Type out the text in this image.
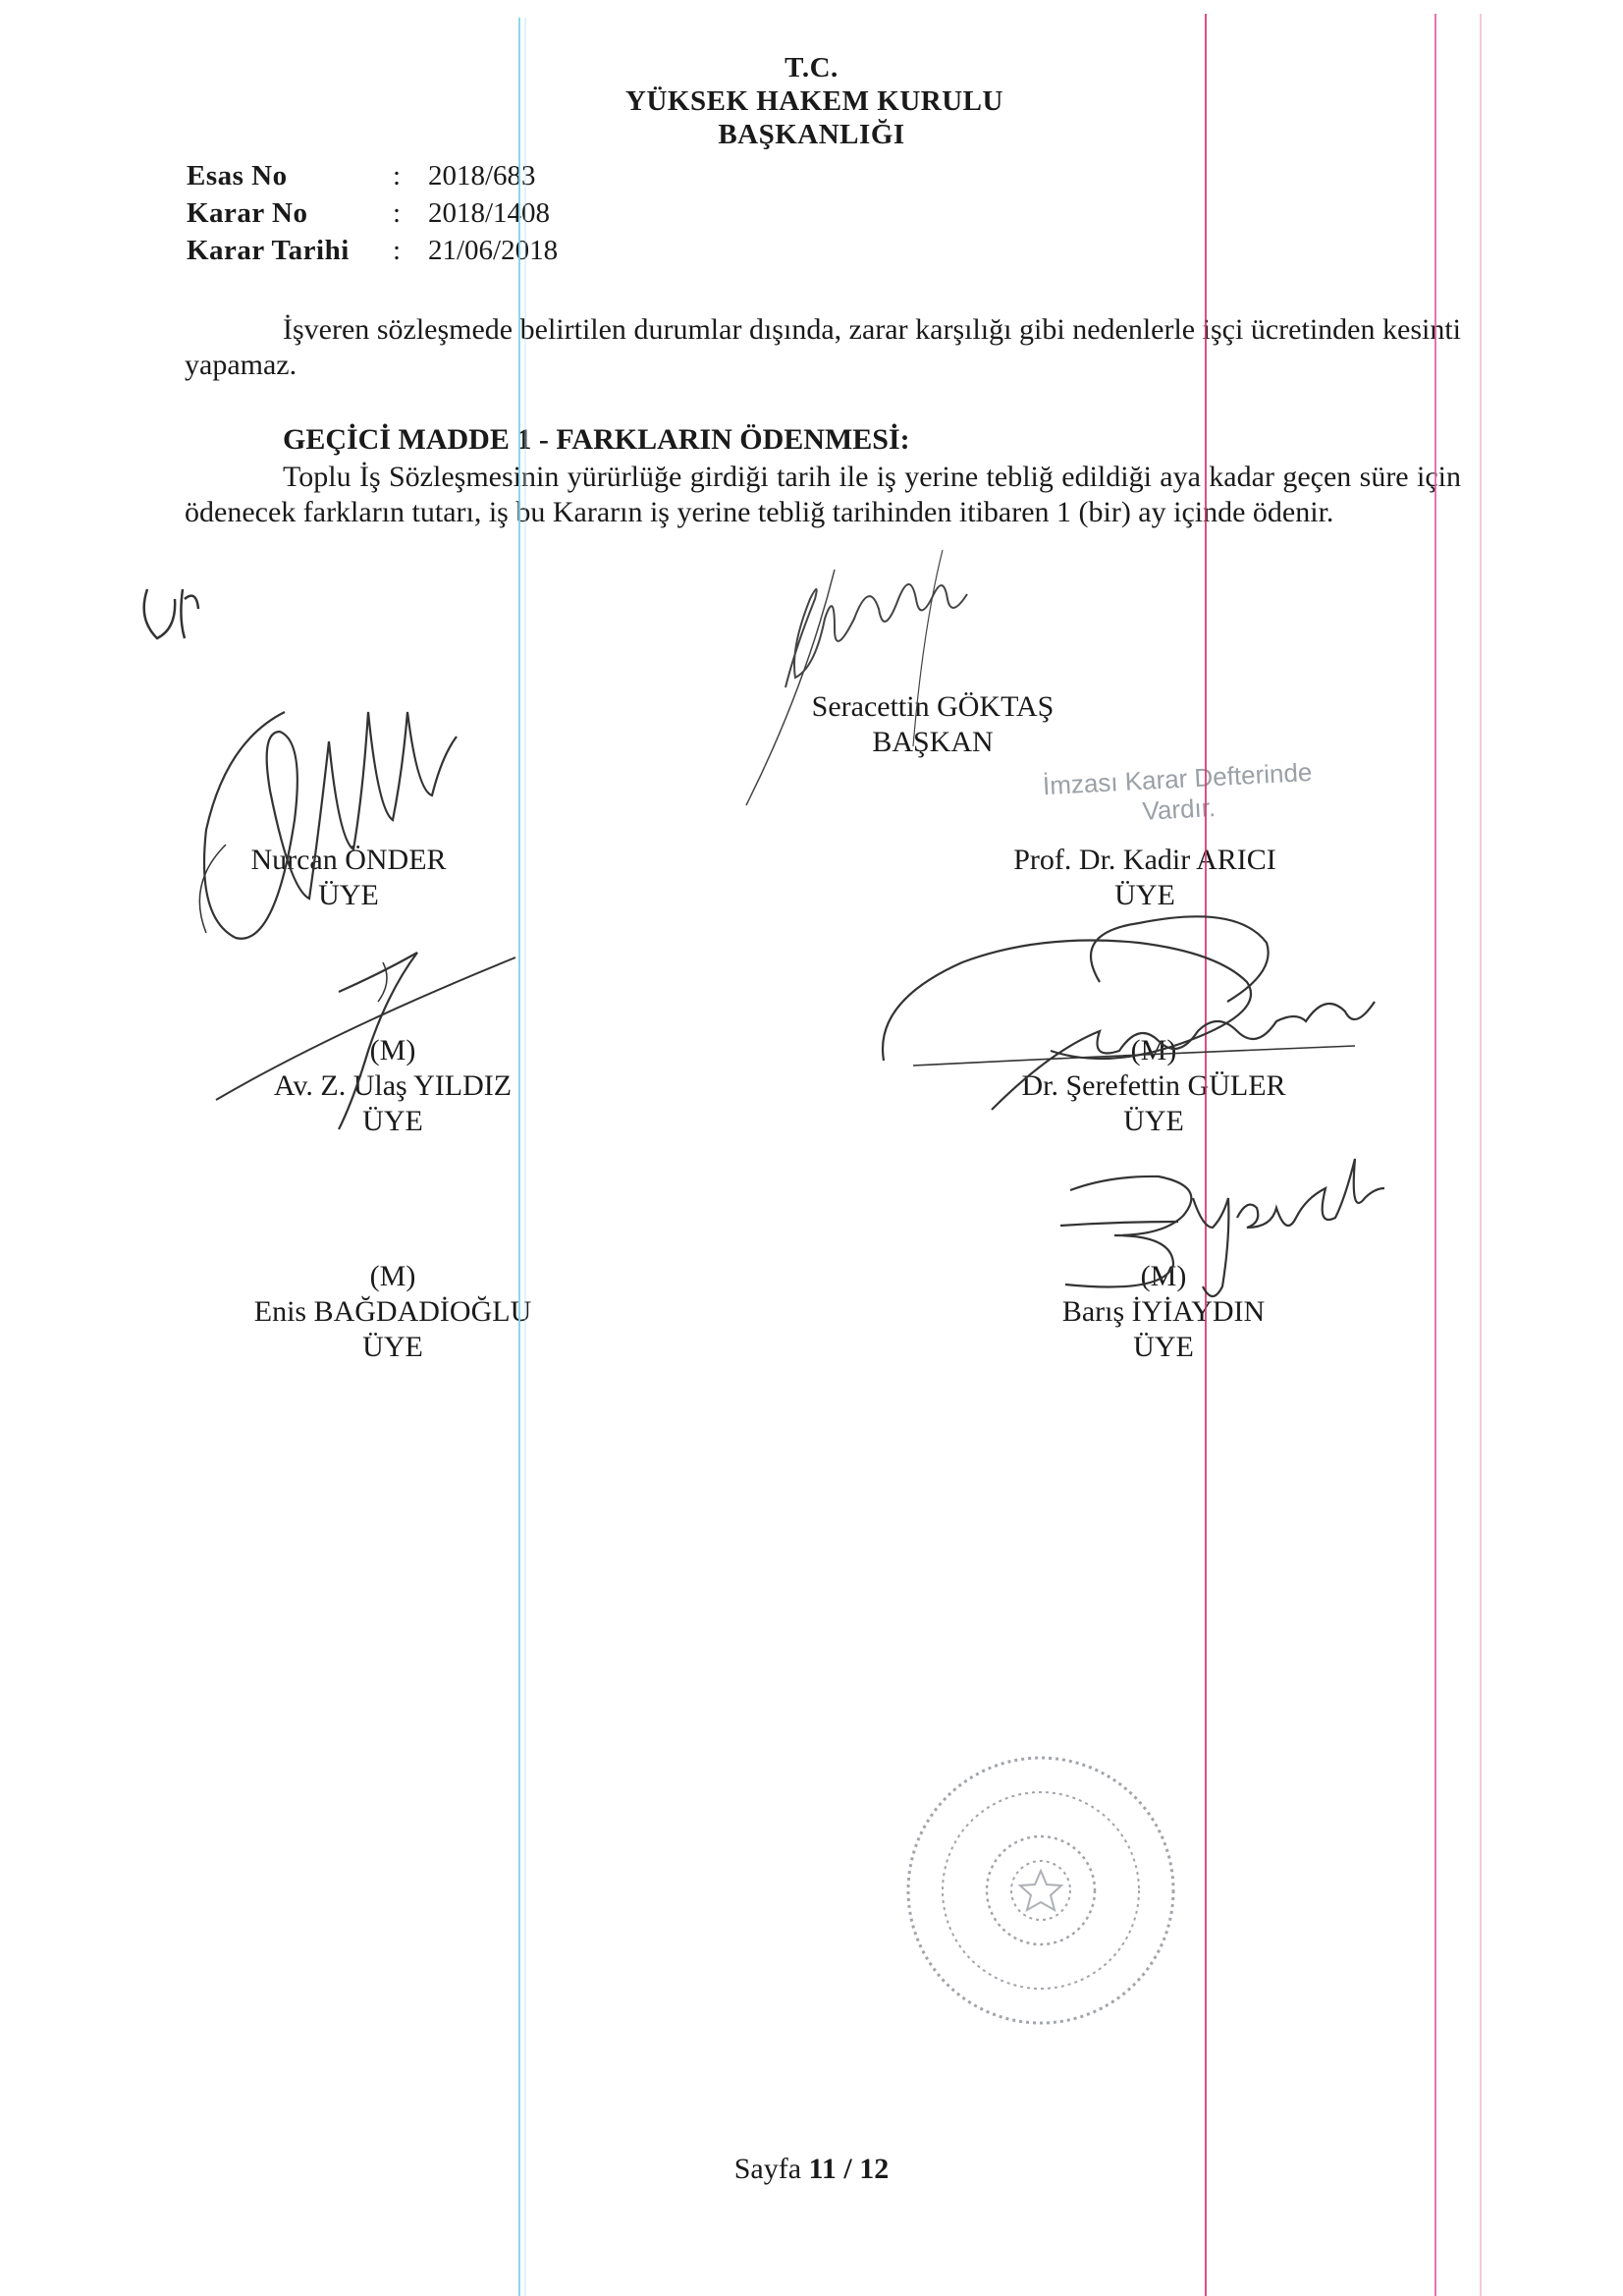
T.C.
YÜKSEK HAKEM KURULU
BAŞKANLIĞI
Esas No	: 2018/683
Karar No	: 2018/1408
Karar Tarihi : 21/06/2018
İşveren sözleşmede belirtilen durumlar dışında, zarar karşılığı gibi nedenlerle işçi ücretinden kesinti yapamaz.
GEÇİCİ MADDE 1 - FARKLARIN ÖDENMESİ:
Toplu İş Sözleşmesinin yürürlüğe girdiği tarih ile iş yerine tebliğ edildiği aya kadar geçen süre için ödenecek farkların tutarı, iş bu Kararın iş yerine tebliğ tarihinden itibaren 1 (bir) ay içinde ödenir.
Seracettin GÖKTAŞ
BAŞKAN
İmzası Karar Defterinde
Vardır.
Nurcan ÖNDER
ÜYE
Prof. Dr. Kadir ARICI
ÜYE
(M)
Av. Z. Ulaş YILDIZ
ÜYE
(M)
Dr. Şerefettin GÜLER
ÜYE
(M)
Enis BAĞDADİOĞLU
ÜYE
(M)
Barış İYİAYDIN
ÜYE
Sayfa 11 / 12
